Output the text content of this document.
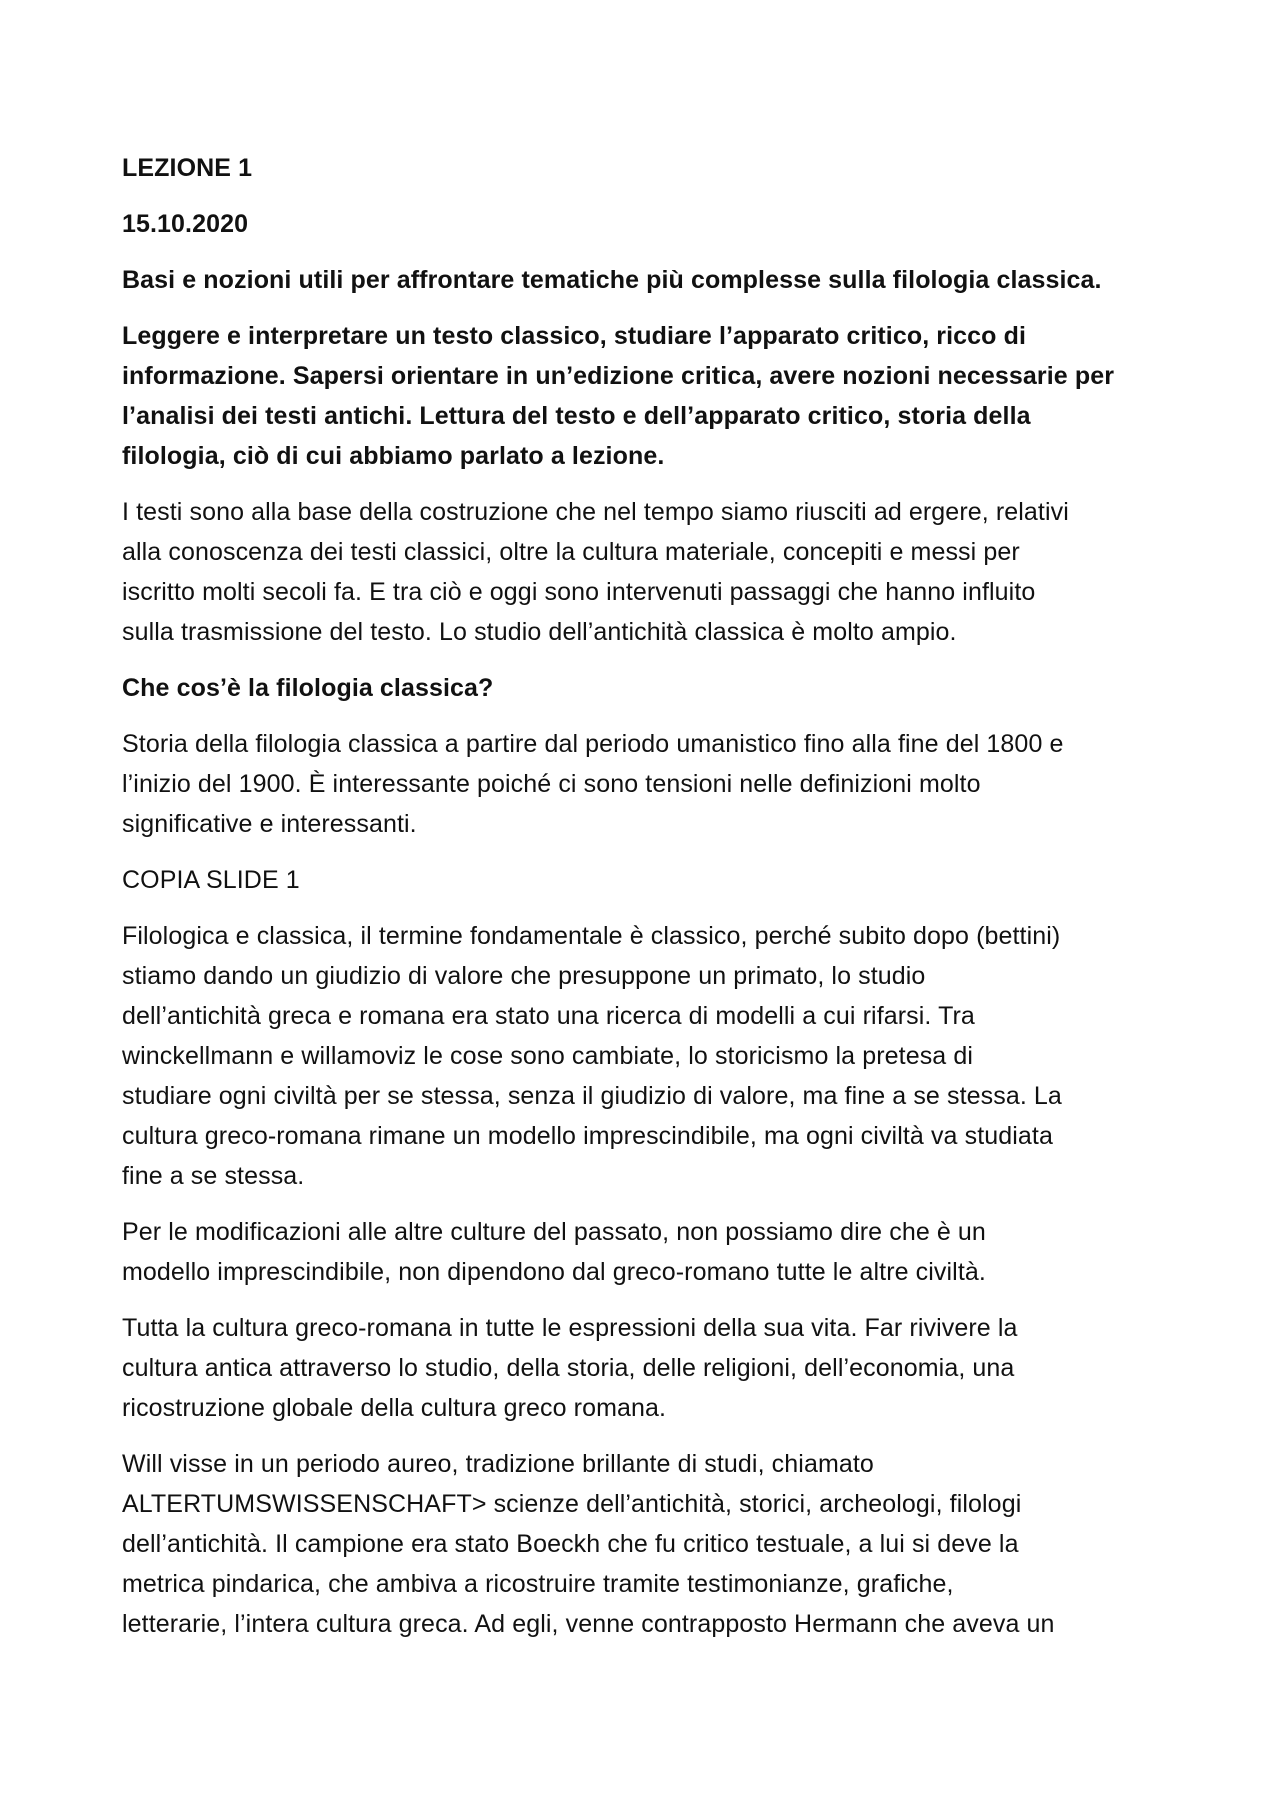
LEZIONE 1

15.10.2020

Basi e nozioni utili per affrontare tematiche più complesse sulla filologia classica.

Leggere e interpretare un testo classico, studiare l’apparato critico, ricco di
informazione. Sapersi orientare in un’edizione critica, avere nozioni necessarie per
l’analisi dei testi antichi. Lettura del testo e dell’apparato critico, storia della
filologia, ciò di cui abbiamo parlato a lezione.

I testi sono alla base della costruzione che nel tempo siamo riusciti ad ergere, relativi
alla conoscenza dei testi classici, oltre la cultura materiale, concepiti e messi per
iscritto molti secoli fa. E tra ciò e oggi sono intervenuti passaggi che hanno influito
sulla trasmissione del testo. Lo studio dell’antichità classica è molto ampio.

Che cos’è la filologia classica?

Storia della filologia classica a partire dal periodo umanistico fino alla fine del 1800 e
l’inizio del 1900. È interessante poiché ci sono tensioni nelle definizioni molto
significative e interessanti.

COPIA SLIDE 1

Filologica e classica, il termine fondamentale è classico, perché subito dopo (bettini)
stiamo dando un giudizio di valore che presuppone un primato, lo studio
dell’antichità greca e romana era stato una ricerca di modelli a cui rifarsi. Tra
winckellmann e willamoviz le cose sono cambiate, lo storicismo la pretesa di
studiare ogni civiltà per se stessa, senza il giudizio di valore, ma fine a se stessa. La
cultura greco-romana rimane un modello imprescindibile, ma ogni civiltà va studiata
fine a se stessa.

Per le modificazioni alle altre culture del passato, non possiamo dire che è un
modello imprescindibile, non dipendono dal greco-romano tutte le altre civiltà.

Tutta la cultura greco-romana in tutte le espressioni della sua vita. Far rivivere la
cultura antica attraverso lo studio, della storia, delle religioni, dell’economia, una
ricostruzione globale della cultura greco romana.

Will visse in un periodo aureo, tradizione brillante di studi, chiamato
ALTERTUMSWISSENSCHAFT> scienze dell’antichità, storici, archeologi, filologi
dell’antichità. Il campione era stato Boeckh che fu critico testuale, a lui si deve la
metrica pindarica, che ambiva a ricostruire tramite testimonianze, grafiche,
letterarie, l’intera cultura greca. Ad egli, venne contrapposto Hermann che aveva un
